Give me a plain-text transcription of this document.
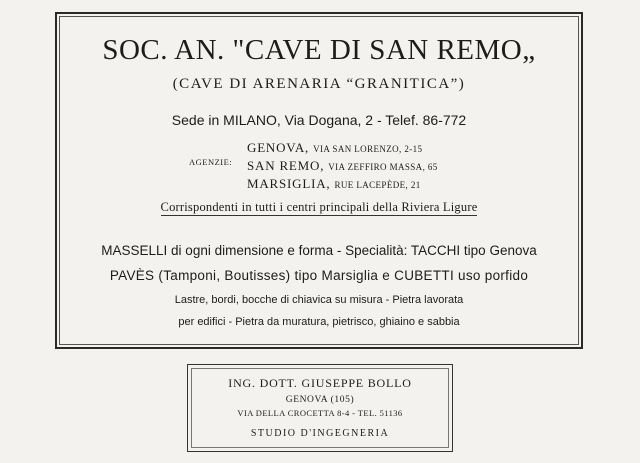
SOC. AN. "CAVE DI SAN REMO„
(CAVE DI ARENARIA “GRANITICA”)
Sede in MILANO, Via Dogana, 2 - Telef. 86-772
AGENZIE:
GENOVA, VIA SAN LORENZO, 2-15
SAN REMO, VIA ZEFFIRO MASSA, 65
MARSIGLIA, RUE LACEPÈDE, 21
Corrispondenti in tutti i centri principali della Riviera Ligure
MASSELLI di ogni dimensione e forma - Specialità: TACCHI tipo Genova
PAVÈS (Tamponi, Boutisses) tipo Marsiglia e CUBETTI uso porfido
Lastre, bordi, bocche di chiavica su misura - Pietra lavorata
per edifici - Pietra da muratura, pietrisco, ghiaino e sabbia
ING. DOTT. GIUSEPPE BOLLO
GENOVA (105)
VIA DELLA CROCETTA 8-4 - TEL. 51136
STUDIO D'INGEGNERIA
